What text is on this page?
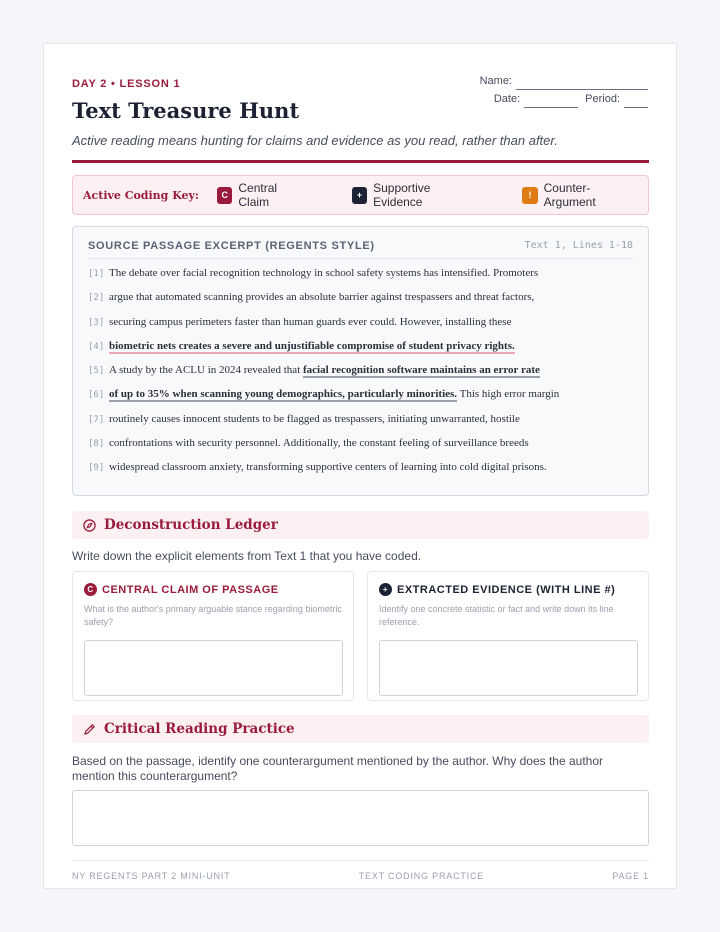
DAY 2 • LESSON 1
Text Treasure Hunt
Active reading means hunting for claims and evidence as you read, rather than after.
Name:
Date:	Period:
Active Coding Key:	C Central Claim	+ Supportive Evidence	!	Counter-Argument
SOURCE PASSAGE EXCERPT (REGENTS STYLE)	Text 1, Lines 1-18
[1] The debate over facial recognition technology in school safety systems has intensified. Promoters
[2] argue that automated scanning provides an absolute barrier against trespassers and threat factors,
[3] securing campus perimeters faster than human guards ever could. However, installing these
[4] biometric nets creates a severe and unjustifiable compromise of student privacy rights.
[5] A study by the ACLU in 2024 revealed that facial recognition software maintains an error rate
[6] of up to 35% when scanning young demographics, particularly minorities. This high error margin
[7] routinely causes innocent students to be flagged as trespassers, initiating unwarranted, hostile
[8] confrontations with security personnel. Additionally, the constant feeling of surveillance breeds
[9] widespread classroom anxiety, transforming supportive centers of learning into cold digital prisons.
Deconstruction Ledger
Write down the explicit elements from Text 1 that you have coded.
C CENTRAL CLAIM OF PASSAGE
What is the author's primary arguable stance regarding biometric safety?
+ EXTRACTED EVIDENCE (WITH LINE #)
Identify one concrete statistic or fact and write down its line reference.
Critical Reading Practice
Based on the passage, identify one counterargument mentioned by the author. Why does the author mention this counterargument?
NY REGENTS PART 2 MINI-UNIT	TEXT CODING PRACTICE	PAGE 1
